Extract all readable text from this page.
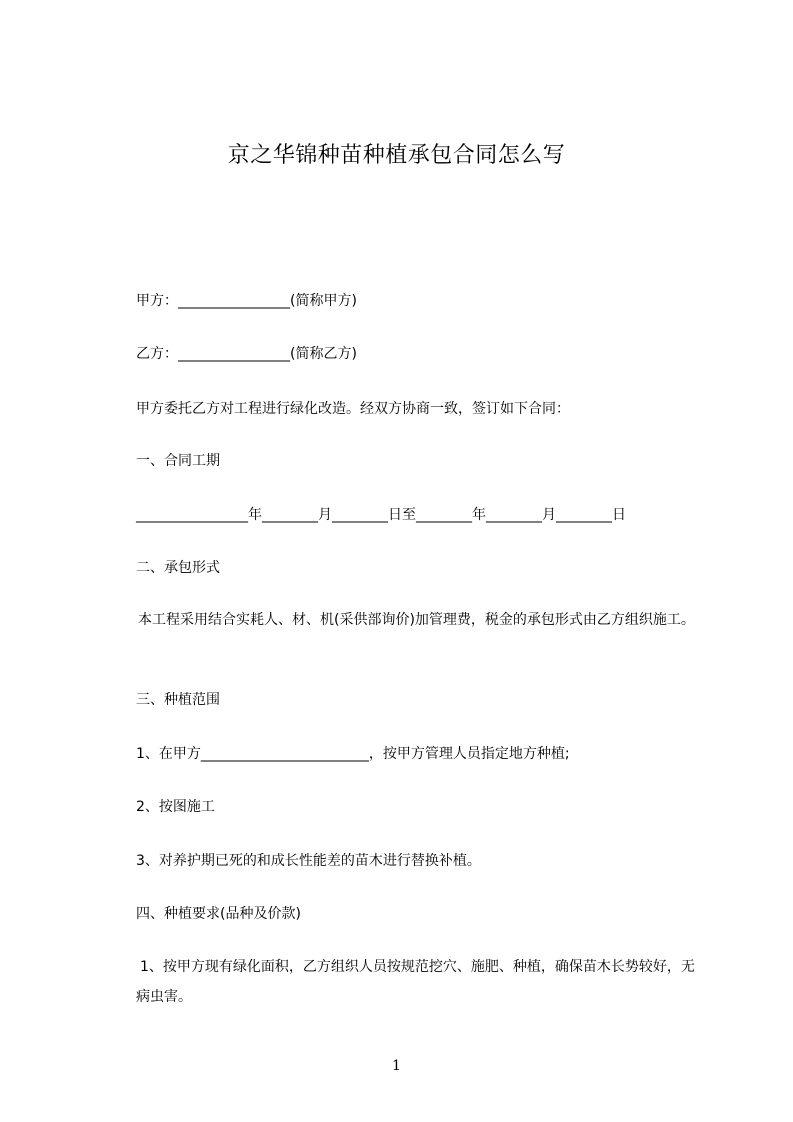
京之华锦种苗种植承包合同怎么写
甲方：________________(简称甲方)
乙方：________________(简称乙方)
甲方委托乙方对工程进行绿化改造。经双方协商一致，签订如下合同：
一、合同工期
________________年________月________日至________年________月________日
二、承包形式
本工程采用结合实耗人、材、机(采供部询价)加管理费，税金的承包形式由乙方组织施工。
三、种植范围
1、在甲方________________________，按甲方管理人员指定地方种植;
2、按图施工
3、对养护期已死的和成长性能差的苗木进行替换补植。
四、种植要求(品种及价款)
1、按甲方现有绿化面积，乙方组织人员按规范挖穴、施肥、种植，确保苗木长势较好，无病虫害。
1
